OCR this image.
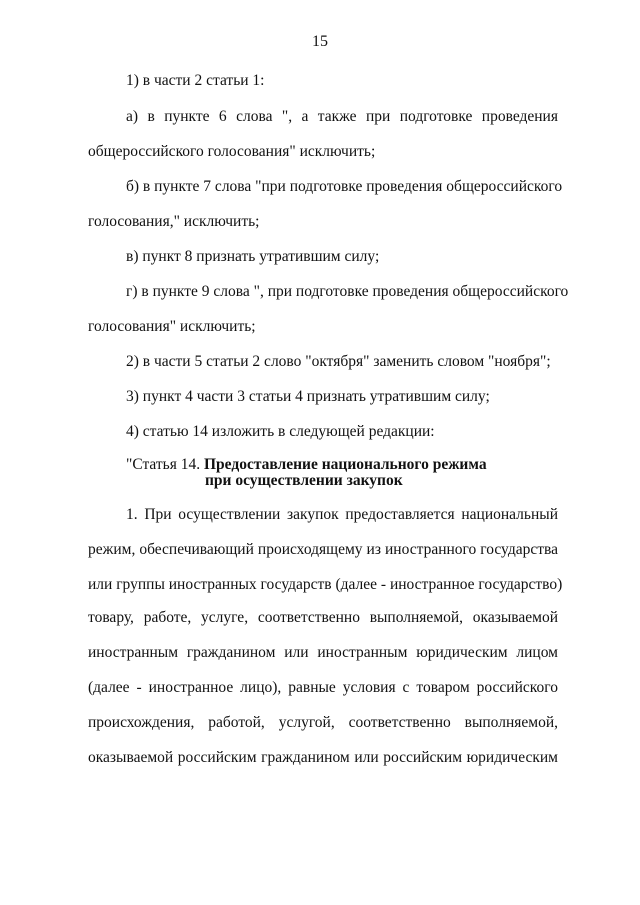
15
1) в части 2 статьи 1:
а) в пункте 6 слова ", а также при подготовке проведения
общероссийского голосования" исключить;
б) в пункте 7 слова "при подготовке проведения общероссийского
голосования," исключить;
в) пункт 8 признать утратившим силу;
г) в пункте 9 слова ", при подготовке проведения общероссийского
голосования" исключить;
2) в части 5 статьи 2 слово "октября" заменить словом "ноября";
3) пункт 4 части 3 статьи 4 признать утратившим силу;
4) статью 14 изложить в следующей редакции:
"Статья 14. Предоставление национального режима
при осуществлении закупок
1. При осуществлении закупок предоставляется национальный
режим, обеспечивающий происходящему из иностранного государства
или группы иностранных государств (далее - иностранное государство)
товару, работе, услуге, соответственно выполняемой, оказываемой
иностранным гражданином или иностранным юридическим лицом
(далее - иностранное лицо), равные условия с товаром российского
происхождения, работой, услугой, соответственно выполняемой,
оказываемой российским гражданином или российским юридическим
